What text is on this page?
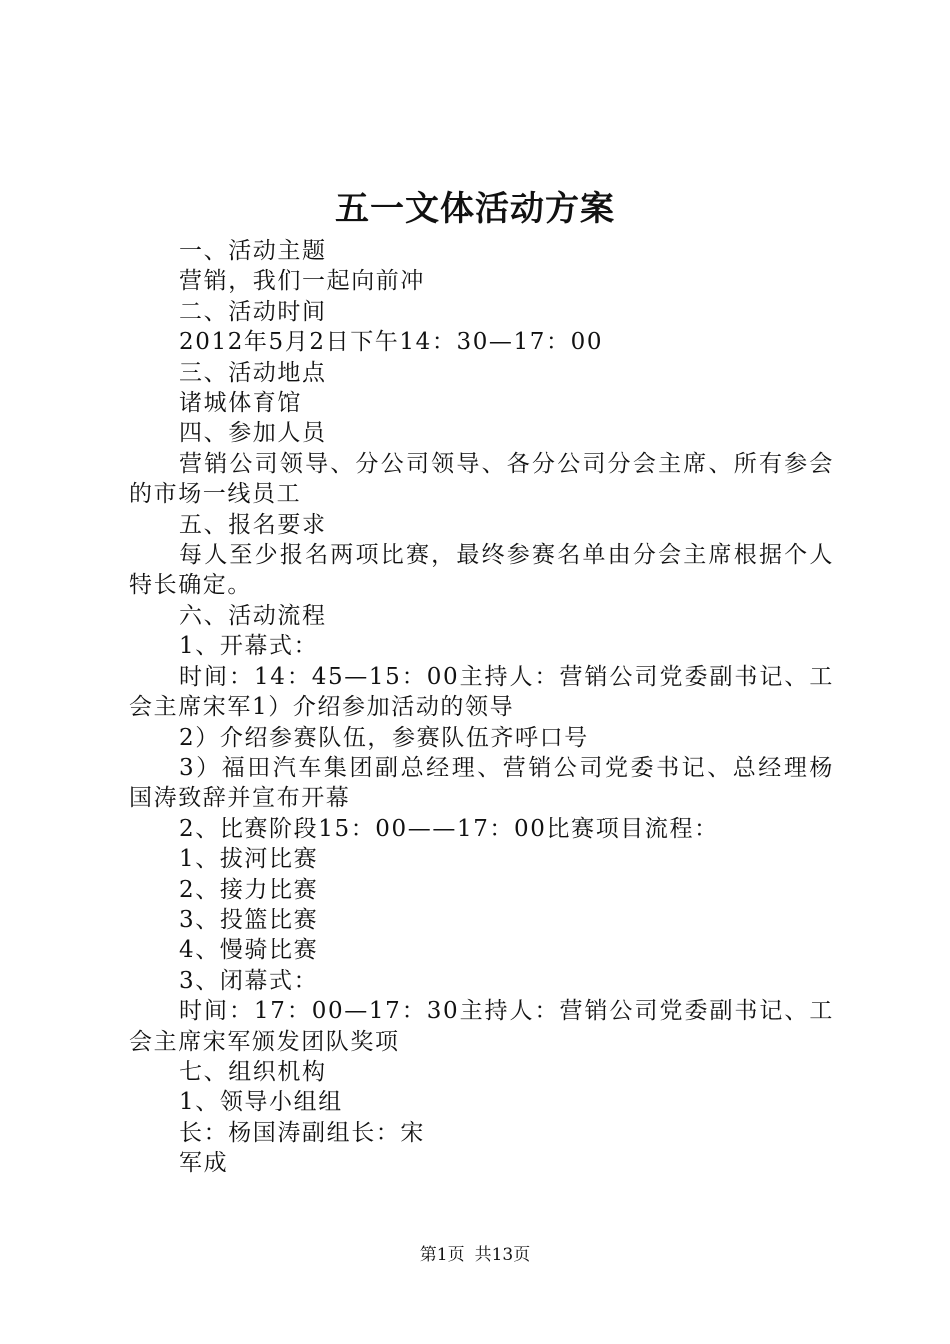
五一文体活动方案

一、活动主题

营销，我们一起向前冲

二、活动时间

2012年5月2日下午14：30—17：00

三、活动地点

诸城体育馆

四、参加人员

营销公司领导、分公司领导、各分公司分会主席、所有参会的市场一线员工

五、报名要求

每人至少报名两项比赛，最终参赛名单由分会主席根据个人特长确定。

六、活动流程

1、开幕式：

时间：14：45—15：00主持人：营销公司党委副书记、工会主席宋军1）介绍参加活动的领导

2）介绍参赛队伍，参赛队伍齐呼口号

3）福田汽车集团副总经理、营销公司党委书记、总经理杨国涛致辞并宣布开幕

2、比赛阶段15：00——17：00比赛项目流程：

1、拔河比赛

2、接力比赛

3、投篮比赛

4、慢骑比赛

3、闭幕式：

时间：17：00—17：30主持人：营销公司党委副书记、工会主席宋军颁发团队奖项

七、组织机构

1、领导小组组

长：杨国涛副组长：宋

军成

第1页 共13页
